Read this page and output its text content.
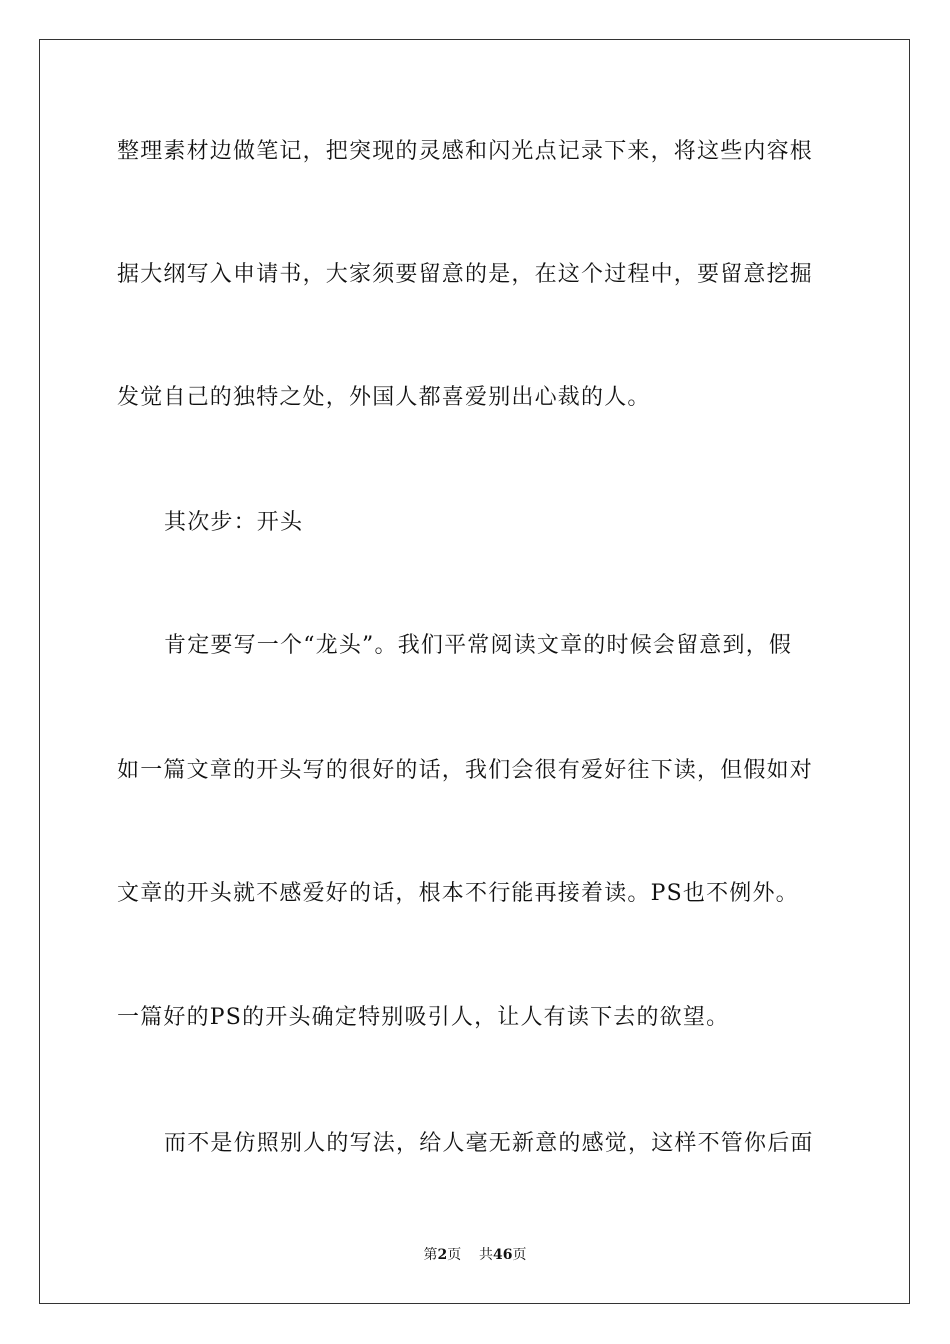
整理素材边做笔记，把突现的灵感和闪光点记录下来，将这些内容根
据大纲写入申请书，大家须要留意的是，在这个过程中，要留意挖掘
发觉自己的独特之处，外国人都喜爱别出心裁的人。
其次步：开头
肯定要写一个“龙头”。我们平常阅读文章的时候会留意到，假
如一篇文章的开头写的很好的话，我们会很有爱好往下读，但假如对
文章的开头就不感爱好的话，根本不行能再接着读。PS也不例外。
一篇好的PS的开头确定特别吸引人，让人有读下去的欲望。
而不是仿照别人的写法，给人毫无新意的感觉，这样不管你后面
第2页 共46页
